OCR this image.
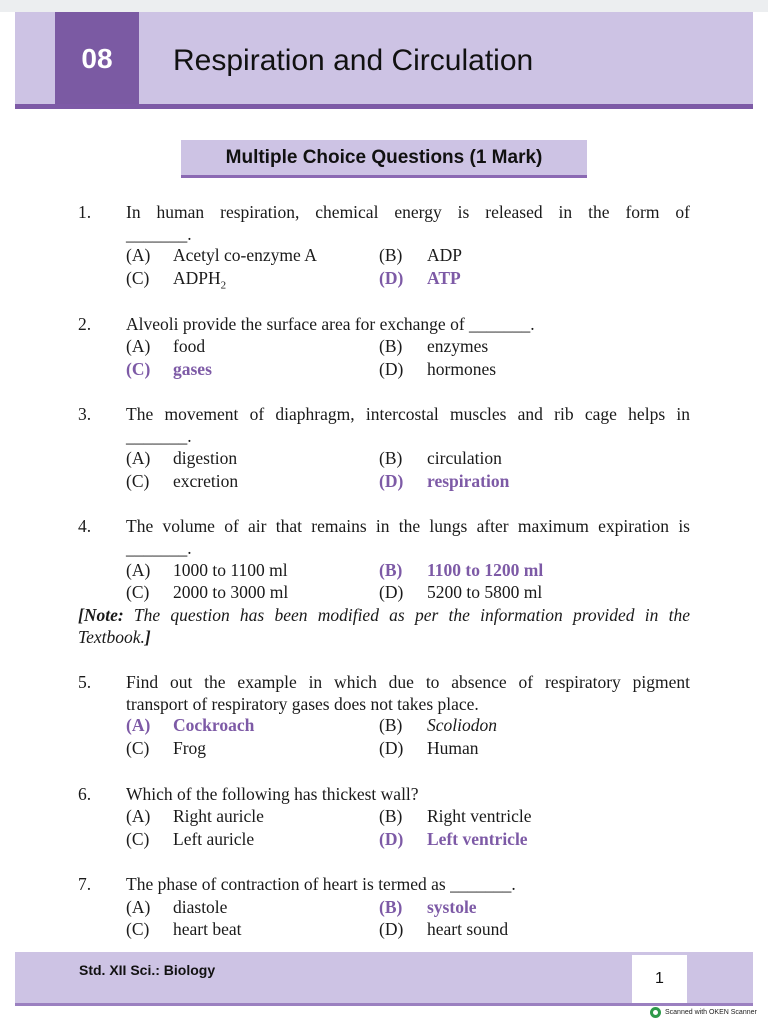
08	Respiration and Circulation
Multiple Choice Questions (1 Mark)
1. In human respiration, chemical energy is released in the form of
_______.
(A) Acetyl co-enzyme A	(B) ADP
(C) $ADPH_2$	(D) ATP
2. Alveoli provide the surface area for exchange of _______.
(A) food	(B) enzymes
(C) gases	(D) hormones
3. The movement of diaphragm, intercostal muscles and rib cage helps in
_______.
(A) digestion	(B) circulation
(C) excretion	(D) respiration
4. The volume of air that remains in the lungs after maximum expiration is
_______.
(A) 1000 to 1100 ml	(B) 1100 to 1200 ml
(C) 2000 to 3000 ml	(D) 5200 to 5800 ml
[Note: The question has been modified as per the information provided in the Textbook.]
5. Find out the example in which due to absence of respiratory pigment
transport of respiratory gases does not takes place.
(A) Cockroach	(B) Scoliodon
(C) Frog	(D) Human
6. Which of the following has thickest wall?
(A) Right auricle	(B) Right ventricle
(C) Left auricle	(D) Left ventricle
7. The phase of contraction of heart is termed as _______.
(A) diastole	(B) systole
(C) heart beat	(D) heart sound
Std. XII Sci.: Biology	1
Scanned with OKEN Scanner
